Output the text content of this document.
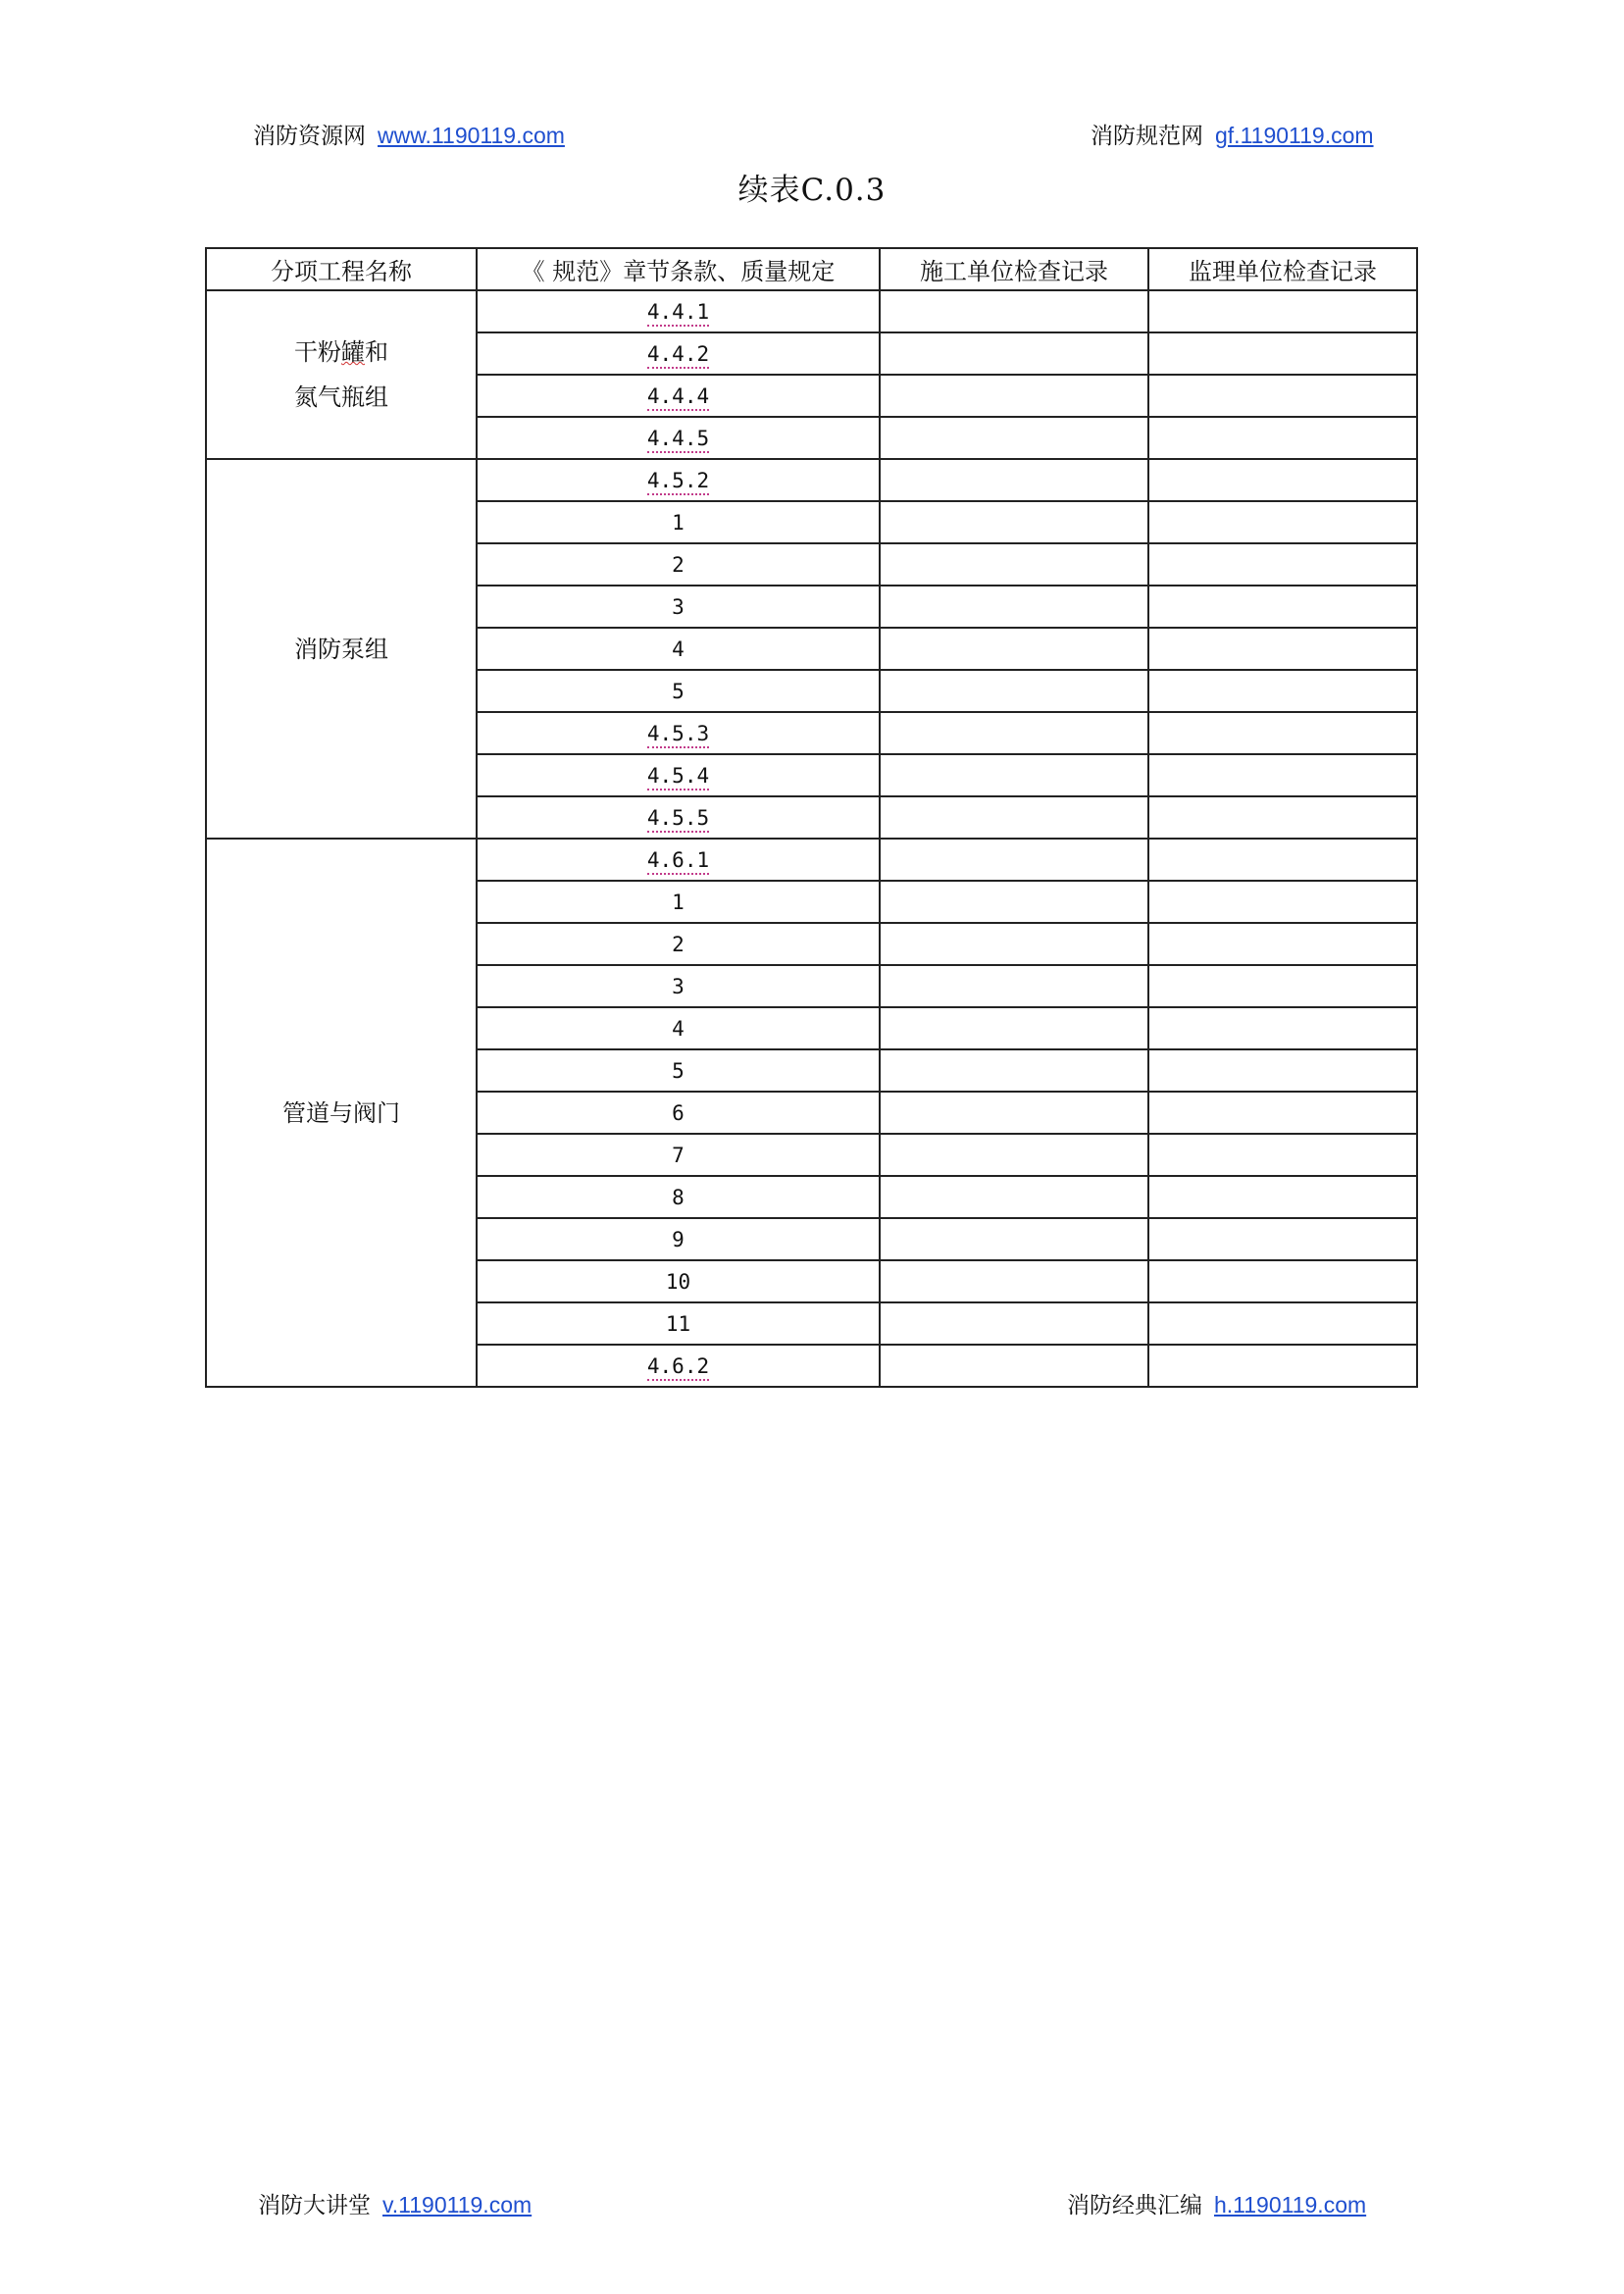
消防资源网 www.1190119.com	消防规范网 gf.1190119.com
续表C.0.3
分项工程名称	《 规范》章节条款、质量规定	施工单位检查记录	监理单位检查记录

干粉罐和
氮气瓶组	4.4.1		
	4.4.2		
	4.4.4		
	4.4.5		

消防泵组	4.5.2		
	1		
	2		
	3		
	4		
	5		
	4.5.3		
	4.5.4		
	4.5.5		

管道与阀门	4.6.1		
	1		
	2		
	3		
	4		
	5		
	6		
	7		
	8		
	9		
	10		
	11		
	4.6.2		
消防大讲堂 v.1190119.com	消防经典汇编 h.1190119.com
